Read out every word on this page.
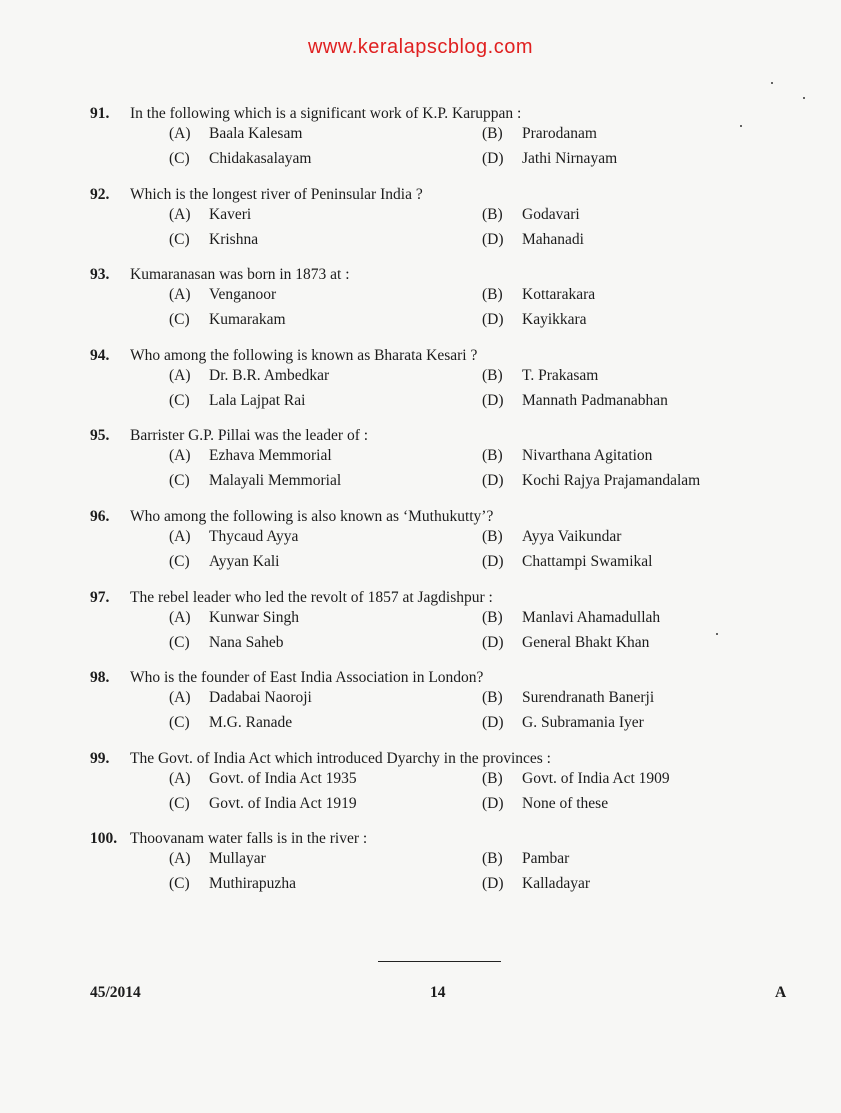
www.keralapscblog.com
91. In the following which is a significant work of K.P. Karuppan :
(A) Baala Kalesam	(B) Prarodanam
(C) Chidakasalayam	(D) Jathi Nirnayam
92. Which is the longest river of Peninsular India ?
(A) Kaveri	(B) Godavari
(C) Krishna	(D) Mahanadi
93. Kumaranasan was born in 1873 at :
(A) Venganoor	(B) Kottarakara
(C) Kumarakam	(D) Kayikkara
94. Who among the following is known as Bharata Kesari ?
(A) Dr. B.R. Ambedkar	(B) T. Prakasam
(C) Lala Lajpat Rai	(D) Mannath Padmanabhan
95. Barrister G.P. Pillai was the leader of :
(A) Ezhava Memmorial	(B) Nivarthana Agitation
(C) Malayali Memmorial	(D) Kochi Rajya Prajamandalam
96. Who among the following is also known as ‘Muthukutty’?
(A) Thycaud Ayya	(B) Ayya Vaikundar
(C) Ayyan Kali	(D) Chattampi Swamikal
97. The rebel leader who led the revolt of 1857 at Jagdishpur :
(A) Kunwar Singh	(B) Manlavi Ahamadullah
(C) Nana Saheb	(D) General Bhakt Khan
98. Who is the founder of East India Association in London?
(A) Dadabai Naoroji	(B) Surendranath Banerji
(C) M.G. Ranade	(D) G. Subramania Iyer
99. The Govt. of India Act which introduced Dyarchy in the provinces :
(A) Govt. of India Act 1935	(B) Govt. of India Act 1909
(C) Govt. of India Act 1919	(D) None of these
100. Thoovanam water falls is in the river :
(A) Mullayar	(B) Pambar
(C) Muthirapuzha	(D) Kalladayar
45/2014	14	A
